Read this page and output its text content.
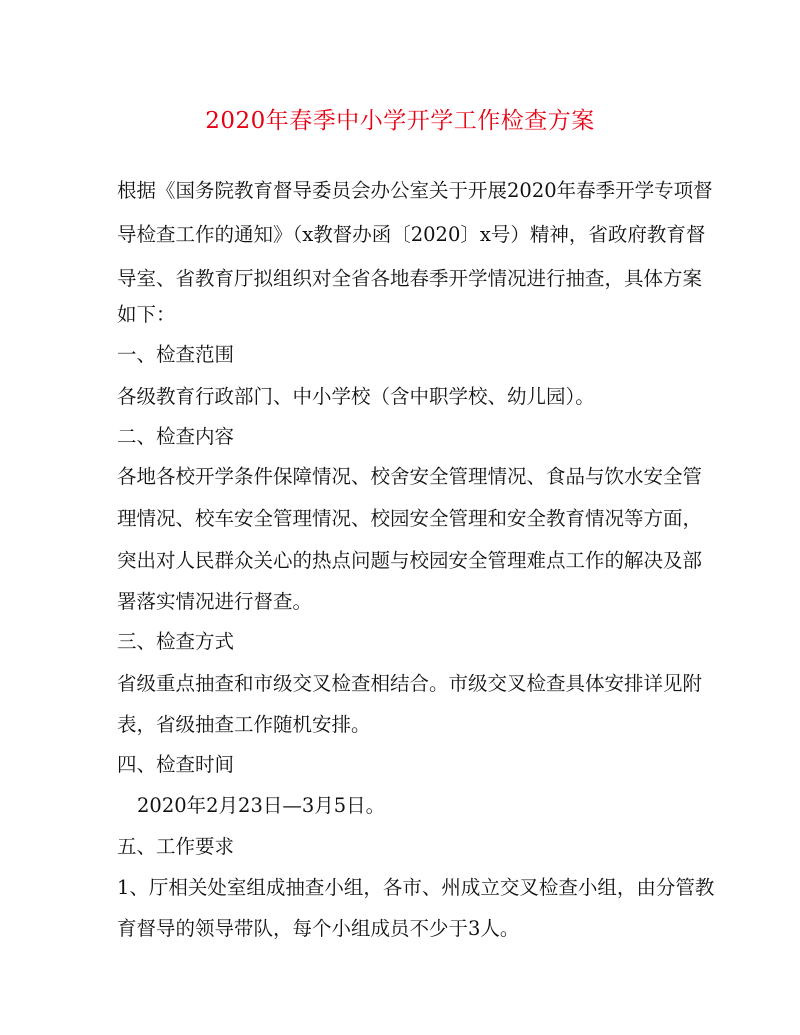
2020年春季中小学开学工作检查方案
根据《国务院教育督导委员会办公室关于开展2020年春季开学专项督
导检查工作的通知》（x教督办函〔2020〕x号）精神，省政府教育督
导室、省教育厅拟组织对全省各地春季开学情况进行抽查，具体方案
如下：
一、检查范围
各级教育行政部门、中小学校（含中职学校、幼儿园）。
二、检查内容
各地各校开学条件保障情况、校舍安全管理情况、食品与饮水安全管
理情况、校车安全管理情况、校园安全管理和安全教育情况等方面，
突出对人民群众关心的热点问题与校园安全管理难点工作的解决及部
署落实情况进行督查。
三、检查方式
省级重点抽查和市级交叉检查相结合。市级交叉检查具体安排详见附
表，省级抽查工作随机安排。
四、检查时间
2020年2月23日—3月5日。
五、工作要求
1、厅相关处室组成抽查小组，各市、州成立交叉检查小组，由分管教
育督导的领导带队，每个小组成员不少于3人。
